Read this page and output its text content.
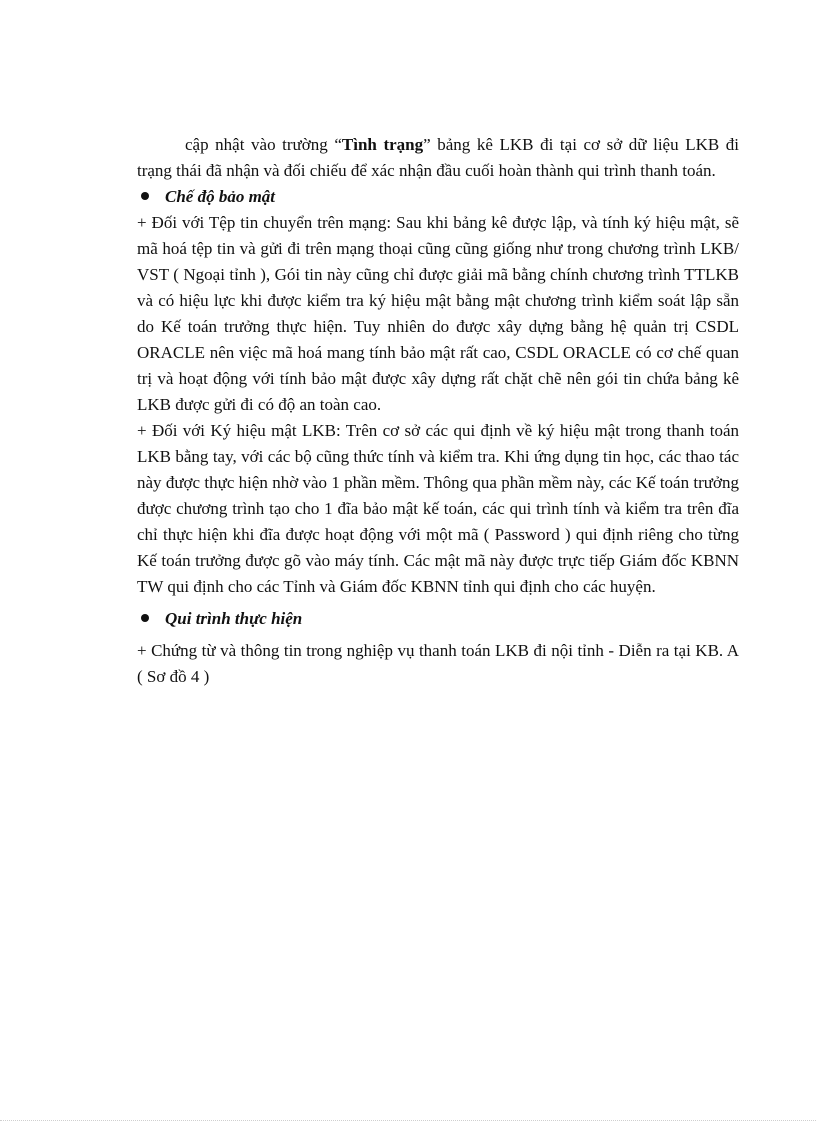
cập nhật vào trường “Tình trạng” bảng kê LKB đi tại cơ sở dữ liệu LKB đi trạng thái đã nhận và đối chiếu để xác nhận đầu cuối hoàn thành qui trình thanh toán.

Chế độ bảo mật

+ Đối với Tệp tin chuyển trên mạng: Sau khi bảng kê được lập, và tính ký hiệu mật, sẽ mã hoá tệp tin và gửi đi trên mạng thoại cũng cũng giống như trong chương trình LKB/ VST ( Ngoại tỉnh ), Gói tin này cũng chỉ được giải mã bằng chính chương trình TTLKB và có hiệu lực khi được kiểm tra ký hiệu mật bằng mật chương trình kiểm soát lập sẵn do Kế toán trưởng thực hiện. Tuy nhiên do được xây dựng bằng hệ quản trị CSDL ORACLE nên việc mã hoá mang tính bảo mật rất cao, CSDL ORACLE có cơ chế quan trị và hoạt động với tính bảo mật được xây dựng rất chặt chẽ nên gói tin chứa bảng kê LKB được gửi đi có độ an toàn cao.

+ Đối với Ký hiệu mật LKB: Trên cơ sở các qui định về ký hiệu mật trong thanh toán LKB bằng tay, với các bộ cũng thức tính và kiểm tra. Khi ứng dụng tin học, các thao tác này được thực hiện nhờ vào 1 phần mềm. Thông qua phần mềm này, các Kế toán trưởng được chương trình tạo cho 1 đĩa bảo mật kế toán, các qui trình tính và kiểm tra trên đĩa chỉ thực hiện khi đĩa được hoạt động với một mã ( Password ) qui định riêng cho từng Kế toán trưởng được gõ vào máy tính. Các mật mã này được trực tiếp Giám đốc KBNN TW qui định cho các Tỉnh và Giám đốc KBNN tỉnh qui định cho các huyện.

Qui trình thực hiện

+ Chứng từ và thông tin trong nghiệp vụ thanh toán LKB đi nội tỉnh - Diễn ra tại KB. A ( Sơ đồ 4 )
